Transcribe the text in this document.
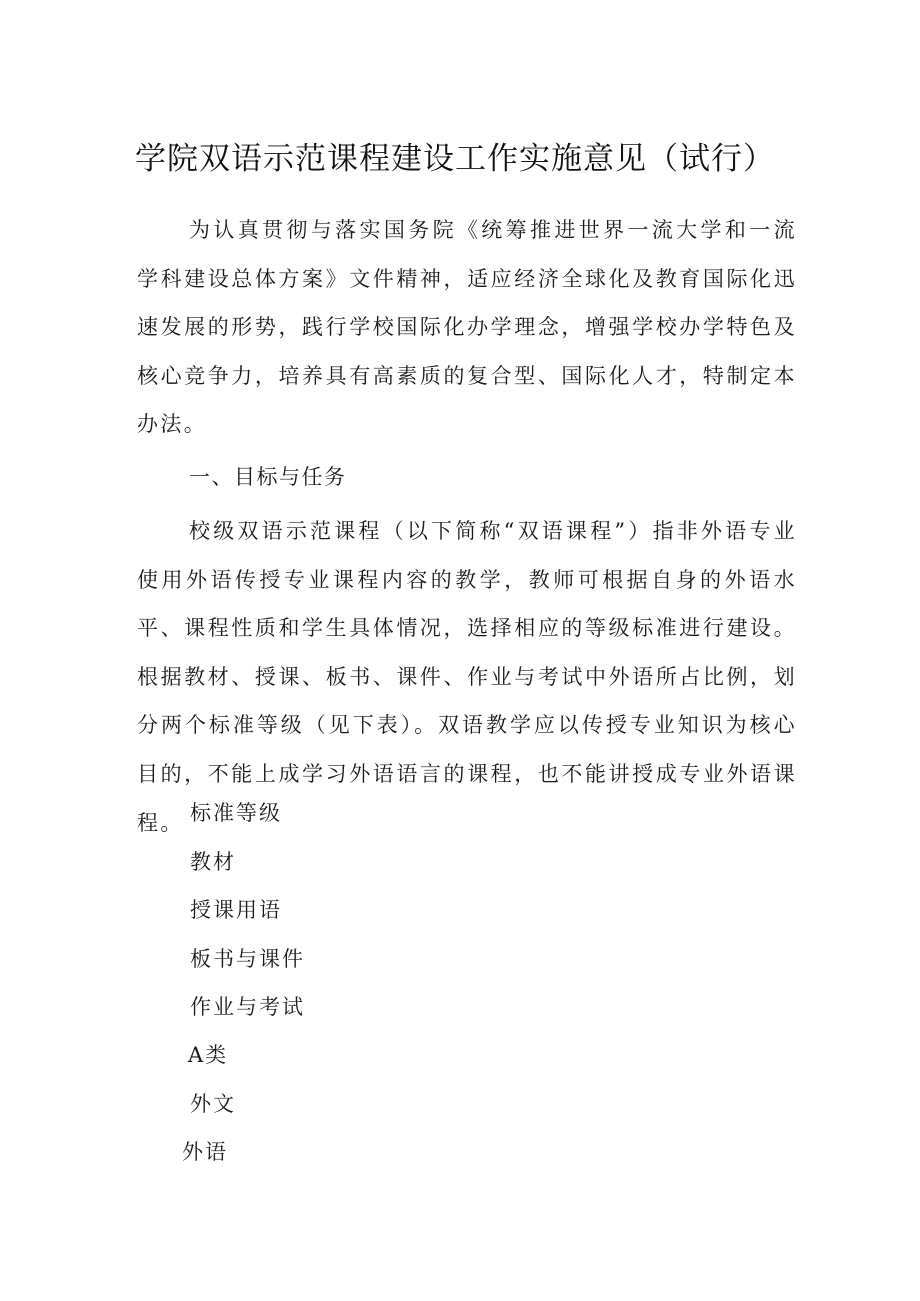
学院双语示范课程建设工作实施意见（试行）

为认真贯彻与落实国务院《统筹推进世界一流大学和一流学科建设总体方案》文件精神，适应经济全球化及教育国际化迅速发展的形势，践行学校国际化办学理念，增强学校办学特色及核心竞争力，培养具有高素质的复合型、国际化人才，特制定本办法。

一、目标与任务

校级双语示范课程（以下简称“双语课程”）指非外语专业使用外语传授专业课程内容的教学，教师可根据自身的外语水平、课程性质和学生具体情况，选择相应的等级标准进行建设。根据教材、授课、板书、课件、作业与考试中外语所占比例，划分两个标准等级（见下表）。双语教学应以传授专业知识为核心目的，不能上成学习外语语言的课程，也不能讲授成专业外语课程。 标准等级
教材
授课用语
板书与课件
作业与考试
A类
外文
外语
